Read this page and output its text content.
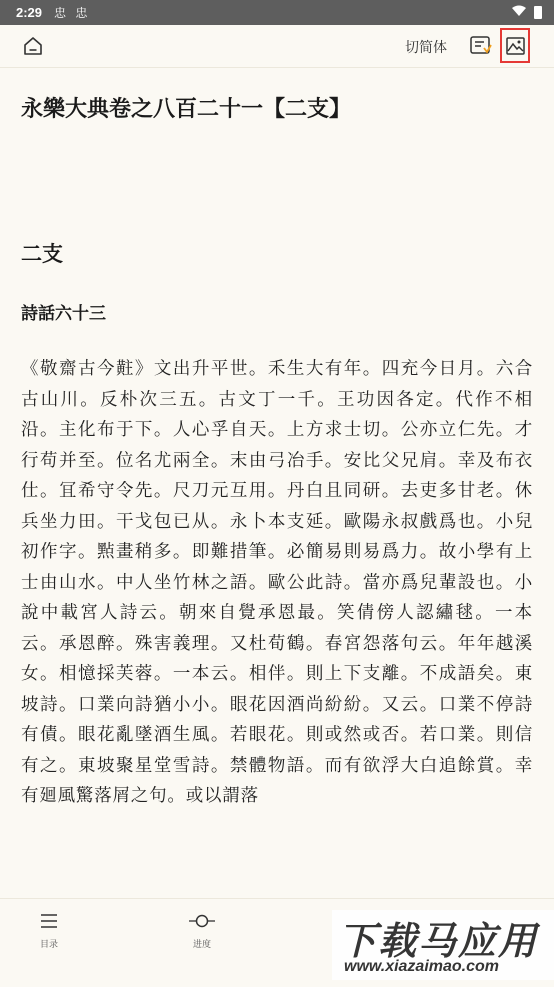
2:29 忠 忠
切简体
永樂大典卷之八百二十一【二支】
二支
詩話六十三

《敬齋古今黈》文出升平世。禾生大有年。四充今日月。六合古山川。反朴次三五。古文丁一千。王功因各定。代作不相沿。主化布于下。人心孚自天。上方求士切。公亦立仁先。才行苟并至。位名尤兩全。末由弓冶手。安比父兄肩。幸及布衣仕。冝希守令先。尺刀元互用。丹白且同研。去吏多甘老。休兵坐力田。干戈包已从。永卜本支延。歐陽永叔戲爲也。小兒初作字。㸃畫稍多。即難措筆。必簡易則易爲力。故小學有上士由山水。中人坐竹林之語。歐公此詩。當亦爲兒輩設也。小說中載宮人詩云。朝來自覺承恩最。笑倩傍人認繡毬。一本云。承恩醉。殊害義理。又杜荀鶴。春宮怨落句云。年年越溪女。相憶採芙蓉。一本云。相伴。則上下支離。不成語矣。東坡詩。口業向詩猶小小。眼花因酒尚紛紛。又云。口業不停詩有債。眼花亂墜酒生風。若眼花。則或然或否。若口業。則信有之。東坡聚星堂雪詩。禁體物語。而有欲浮大白追餘賞。幸有廻風驚落屑之句。或以謂落

目录	进度	下载马应用
www.xiazaimao.com
